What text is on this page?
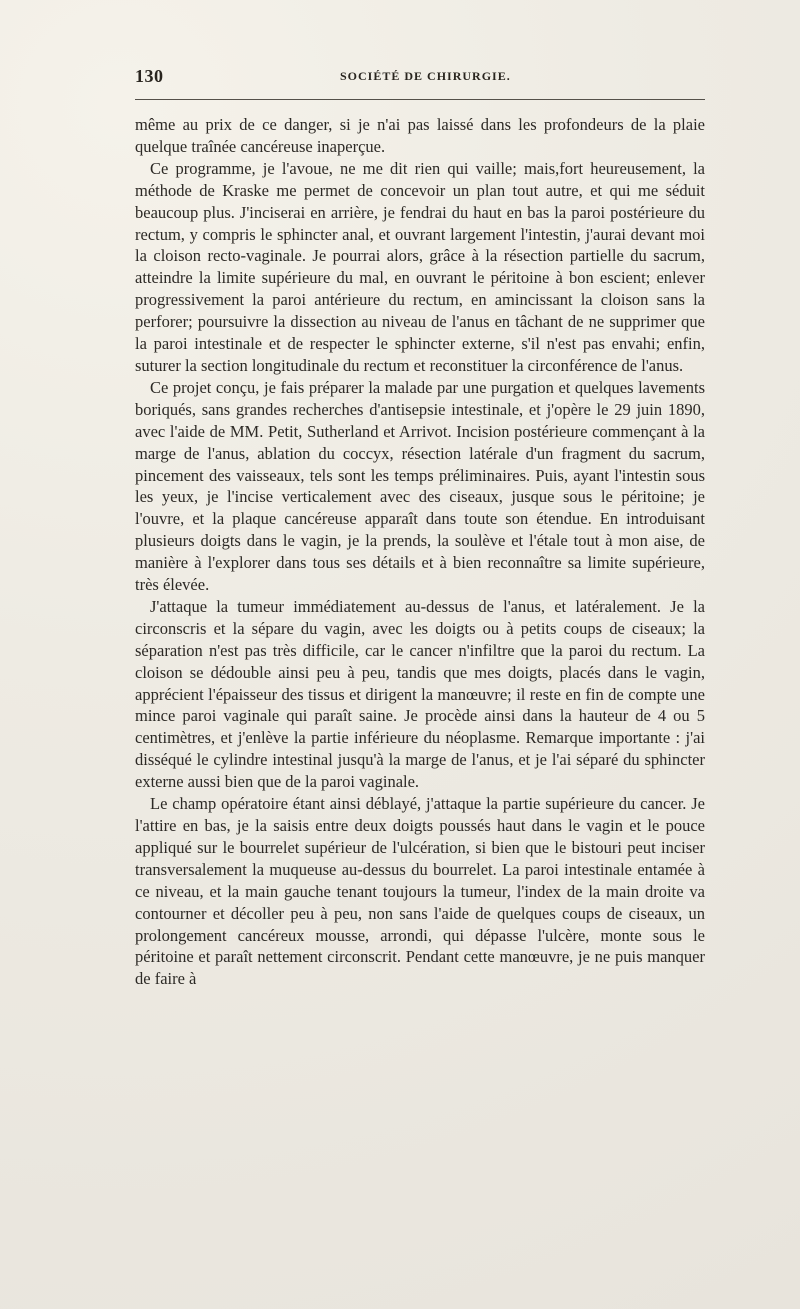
130	SOCIÉTÉ DE CHIRURGIE.

même au prix de ce danger, si je n'ai pas laissé dans les profondeurs de la plaie quelque traînée cancéreuse inaperçue.

Ce programme, je l'avoue, ne me dit rien qui vaille; mais,fort heureusement, la méthode de Kraske me permet de concevoir un plan tout autre, et qui me séduit beaucoup plus. J'inciserai en arrière, je fendrai du haut en bas la paroi postérieure du rectum, y compris le sphincter anal, et ouvrant largement l'intestin, j'aurai devant moi la cloison recto-vaginale. Je pourrai alors, grâce à la résection partielle du sacrum, atteindre la limite supérieure du mal, en ouvrant le péritoine à bon escient; enlever progressivement la paroi antérieure du rectum, en amincissant la cloison sans la perforer; poursuivre la dissection au niveau de l'anus en tâchant de ne supprimer que la paroi intestinale et de respecter le sphincter externe, s'il n'est pas envahi; enfin, suturer la section longitudinale du rectum et reconstituer la circonférence de l'anus.

Ce projet conçu, je fais préparer la malade par une purgation et quelques lavements boriqués, sans grandes recherches d'antisepsie intestinale, et j'opère le 29 juin 1890, avec l'aide de MM. Petit, Sutherland et Arrivot. Incision postérieure commençant à la marge de l'anus, ablation du coccyx, résection latérale d'un fragment du sacrum, pincement des vaisseaux, tels sont les temps préliminaires. Puis, ayant l'intestin sous les yeux, je l'incise verticalement avec des ciseaux, jusque sous le péritoine; je l'ouvre, et la plaque cancéreuse apparaît dans toute son étendue. En introduisant plusieurs doigts dans le vagin, je la prends, la soulève et l'étale tout à mon aise, de manière à l'explorer dans tous ses détails et à bien reconnaître sa limite supérieure, très élevée.

J'attaque la tumeur immédiatement au-dessus de l'anus, et latéralement. Je la circonscris et la sépare du vagin, avec les doigts ou à petits coups de ciseaux; la séparation n'est pas très difficile, car le cancer n'infiltre que la paroi du rectum. La cloison se dédouble ainsi peu à peu, tandis que mes doigts, placés dans le vagin, apprécient l'épaisseur des tissus et dirigent la manœuvre; il reste en fin de compte une mince paroi vaginale qui paraît saine. Je procède ainsi dans la hauteur de 4 ou 5 centimètres, et j'enlève la partie inférieure du néoplasme. Remarque importante : j'ai disséqué le cylindre intestinal jusqu'à la marge de l'anus, et je l'ai séparé du sphincter externe aussi bien que de la paroi vaginale.

Le champ opératoire étant ainsi déblayé, j'attaque la partie supérieure du cancer. Je l'attire en bas, je la saisis entre deux doigts poussés haut dans le vagin et le pouce appliqué sur le bourrelet supérieur de l'ulcération, si bien que le bistouri peut inciser transversalement la muqueuse au-dessus du bourrelet. La paroi intestinale entamée à ce niveau, et la main gauche tenant toujours la tumeur, l'index de la main droite va contourner et décoller peu à peu, non sans l'aide de quelques coups de ciseaux, un prolongement cancéreux mousse, arrondi, qui dépasse l'ulcère, monte sous le péritoine et paraît nettement circonscrit. Pendant cette manœuvre, je ne puis manquer de faire à
